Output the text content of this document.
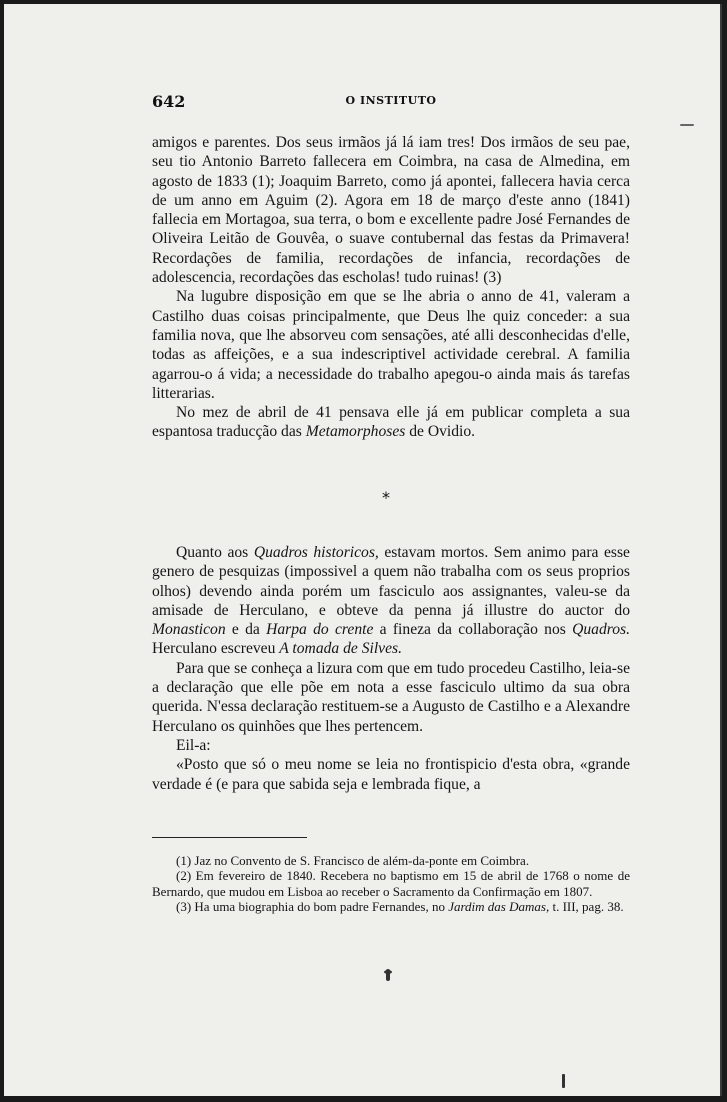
642	O INSTITUTO

amigos e parentes. Dos seus irmãos já lá iam tres! Dos irmãos de seu pae, seu tio Antonio Barreto fallecera em Coimbra, na casa de Almedina, em agosto de 1833 (1); Joaquim Barreto, como já apontei, fallecera havia cerca de um anno em Aguim (2). Agora em 18 de março d'este anno (1841) fallecia em Mortagoa, sua terra, o bom e excellente padre José Fernandes de Oliveira Leitão de Gouvêa, o suave contubernal das festas da Primavera! Recordações de familia, recordações de infancia, recordações de adolescencia, recordações das escholas! tudo ruinas! (3)

Na lugubre disposição em que se lhe abria o anno de 41, valeram a Castilho duas coisas principalmente, que Deus lhe quiz conceder: a sua familia nova, que lhe absorveu com sensações, até alli desconhecidas d'elle, todas as affeições, e a sua indescriptivel actividade cerebral. A familia agarrou-o á vida; a necessidade do trabalho apegou-o ainda mais ás tarefas litterarias.

No mez de abril de 41 pensava elle já em publicar completa a sua espantosa traducção das Metamorphoses de Ovidio.

*

Quanto aos Quadros historicos, estavam mortos. Sem animo para esse genero de pesquizas (impossivel a quem não trabalha com os seus proprios olhos) devendo ainda porém um fasciculo aos assignantes, valeu-se da amisade de Herculano, e obteve da penna já illustre do auctor do Monasticon e da Harpa do crente a fineza da collaboração nos Quadros. Herculano escreveu A tomada de Silves.

Para que se conheça a lizura com que em tudo procedeu Castilho, leia-se a declaração que elle põe em nota a esse fasciculo ultimo da sua obra querida. N'essa declaração restituem-se a Augusto de Castilho e a Alexandre Herculano os quinhões que lhes pertencem.

Eil-a:

«Posto que só o meu nome se leia no frontispicio d'esta obra, «grande verdade é (e para que sabida seja e lembrada fique, a

(1) Jaz no Convento de S. Francisco de além-da-ponte em Coimbra.

(2) Em fevereiro de 1840. Recebera no baptismo em 15 de abril de 1768 o nome de Bernardo, que mudou em Lisboa ao receber o Sacramento da Confirmação em 1807.

(3) Ha uma biographia do bom padre Fernandes, no Jardim das Damas, t. III, pag. 38.
